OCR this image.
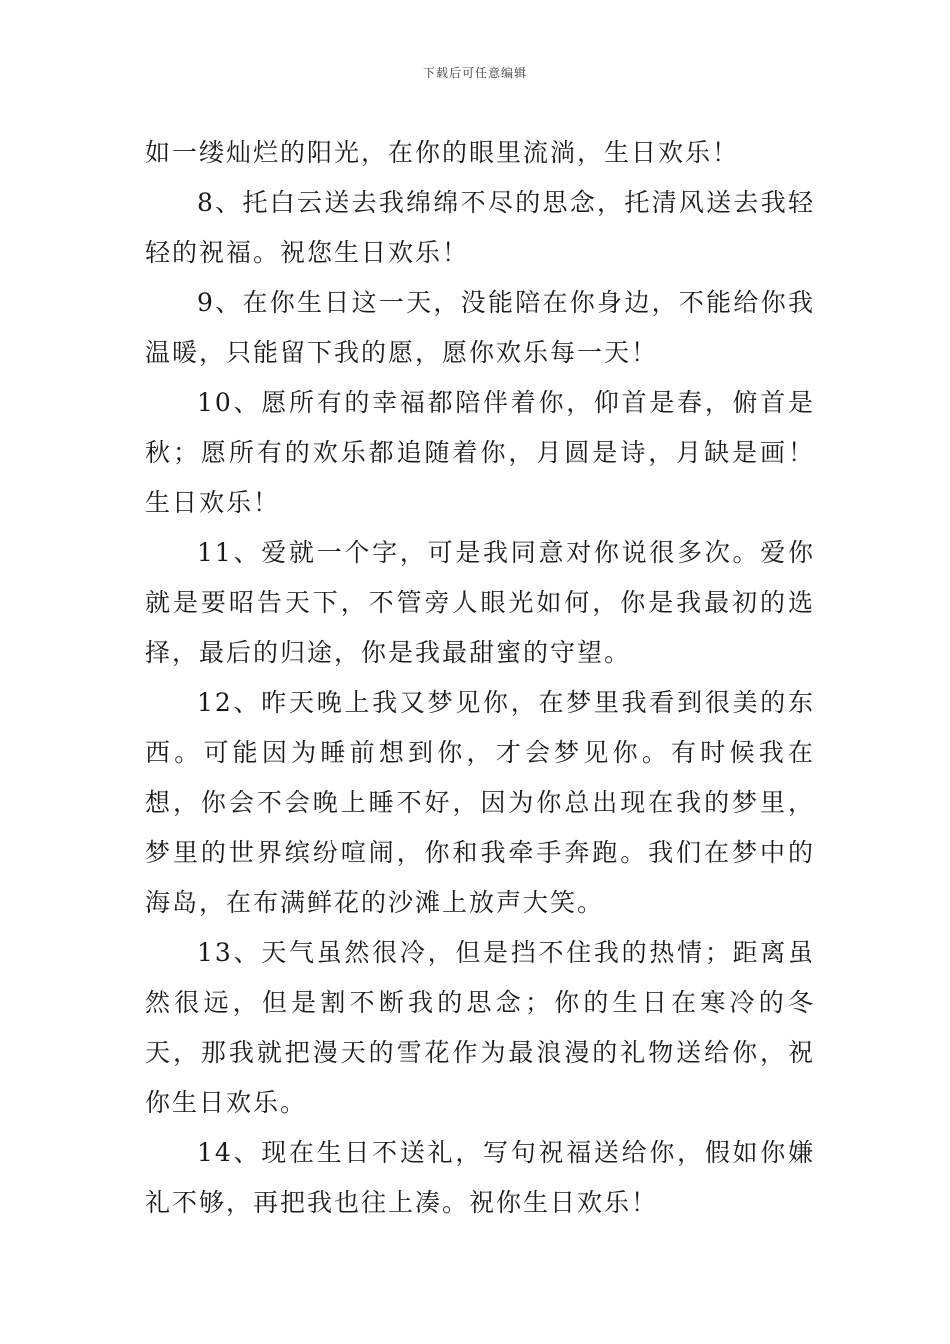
下载后可任意编辑

如一缕灿烂的阳光，在你的眼里流淌，生日欢乐！

8、托白云送去我绵绵不尽的思念，托清风送去我轻轻的祝福。祝您生日欢乐！

9、在你生日这一天，没能陪在你身边，不能给你我温暖，只能留下我的愿，愿你欢乐每一天！

10、愿所有的幸福都陪伴着你，仰首是春，俯首是秋；愿所有的欢乐都追随着你，月圆是诗，月缺是画！生日欢乐！

11、爱就一个字，可是我同意对你说很多次。爱你就是要昭告天下，不管旁人眼光如何，你是我最初的选择，最后的归途，你是我最甜蜜的守望。

12、昨天晚上我又梦见你，在梦里我看到很美的东西。可能因为睡前想到你，才会梦见你。有时候我在想，你会不会晚上睡不好，因为你总出现在我的梦里，梦里的世界缤纷喧闹，你和我牵手奔跑。我们在梦中的海岛，在布满鲜花的沙滩上放声大笑。

13、天气虽然很冷，但是挡不住我的热情；距离虽然很远，但是割不断我的思念；你的生日在寒冷的冬天，那我就把漫天的雪花作为最浪漫的礼物送给你，祝你生日欢乐。

14、现在生日不送礼，写句祝福送给你，假如你嫌礼不够，再把我也往上凑。祝你生日欢乐！
